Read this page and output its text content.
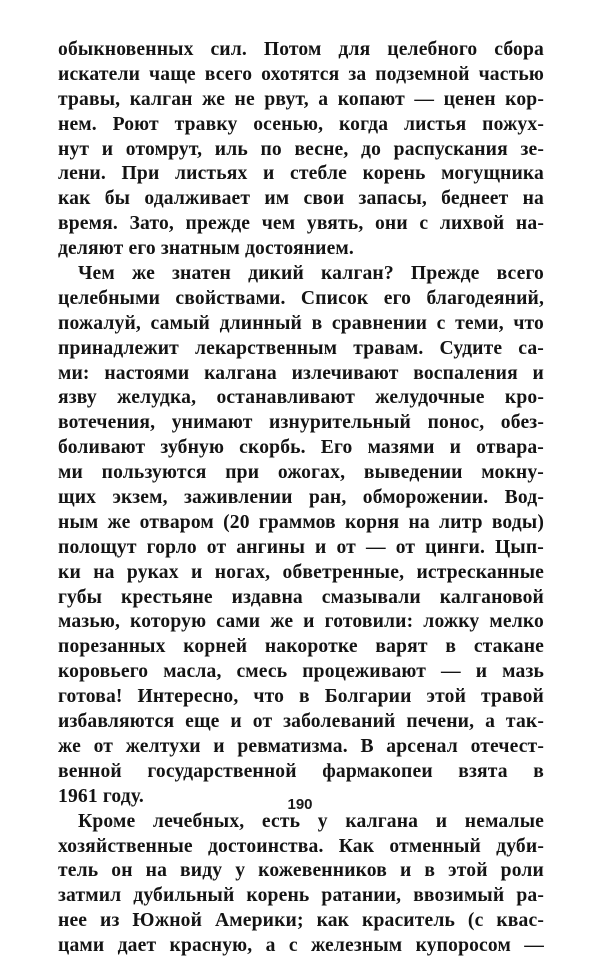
обыкновенных сил. Потом для целебного сбора
искатели чаще всего охотятся за подземной частью
травы, калган же не рвут, а копают — ценен кор-
нем. Роют травку осенью, когда листья пожух-
нут и отомрут, иль по весне, до распускания зе-
лени. При листьях и стебле корень могущника
как бы одалживает им свои запасы, беднеет на
время. Зато, прежде чем увять, они с лихвой на-
деляют его знатным достоянием.
Чем же знатен дикий калган? Прежде всего
целебными свойствами. Список его благодеяний,
пожалуй, самый длинный в сравнении с теми, что
принадлежит лекарственным травам. Судите са-
ми: настоями калгана излечивают воспаления и
язву желудка, останавливают желудочные кро-
вотечения, унимают изнурительный понос, обез-
боливают зубную скорбь. Его мазями и отвара-
ми пользуются при ожогах, выведении мокну-
щих экзем, заживлении ран, обморожении. Вод-
ным же отваром (20 граммов корня на литр воды)
полощут горло от ангины и от — от цинги. Цып-
ки на руках и ногах, обветренные, истресканные
губы крестьяне издавна смазывали калгановой
мазью, которую сами же и готовили: ложку мелко
порезанных корней накоротке варят в стакане
коровьего масла, смесь процеживают — и мазь
готова! Интересно, что в Болгарии этой травой
избавляются еще и от заболеваний печени, а так-
же от желтухи и ревматизма. В арсенал отечест-
венной государственной фармакопеи взята в
1961 году.
Кроме лечебных, есть у калгана и немалые
хозяйственные достоинства. Как отменный дуби-
тель он на виду у кожевенников и в этой роли
затмил дубильный корень ратании, ввозимый ра-
нее из Южной Америки; как краситель (с квас-
цами дает красную, а с железным купоросом —
190
